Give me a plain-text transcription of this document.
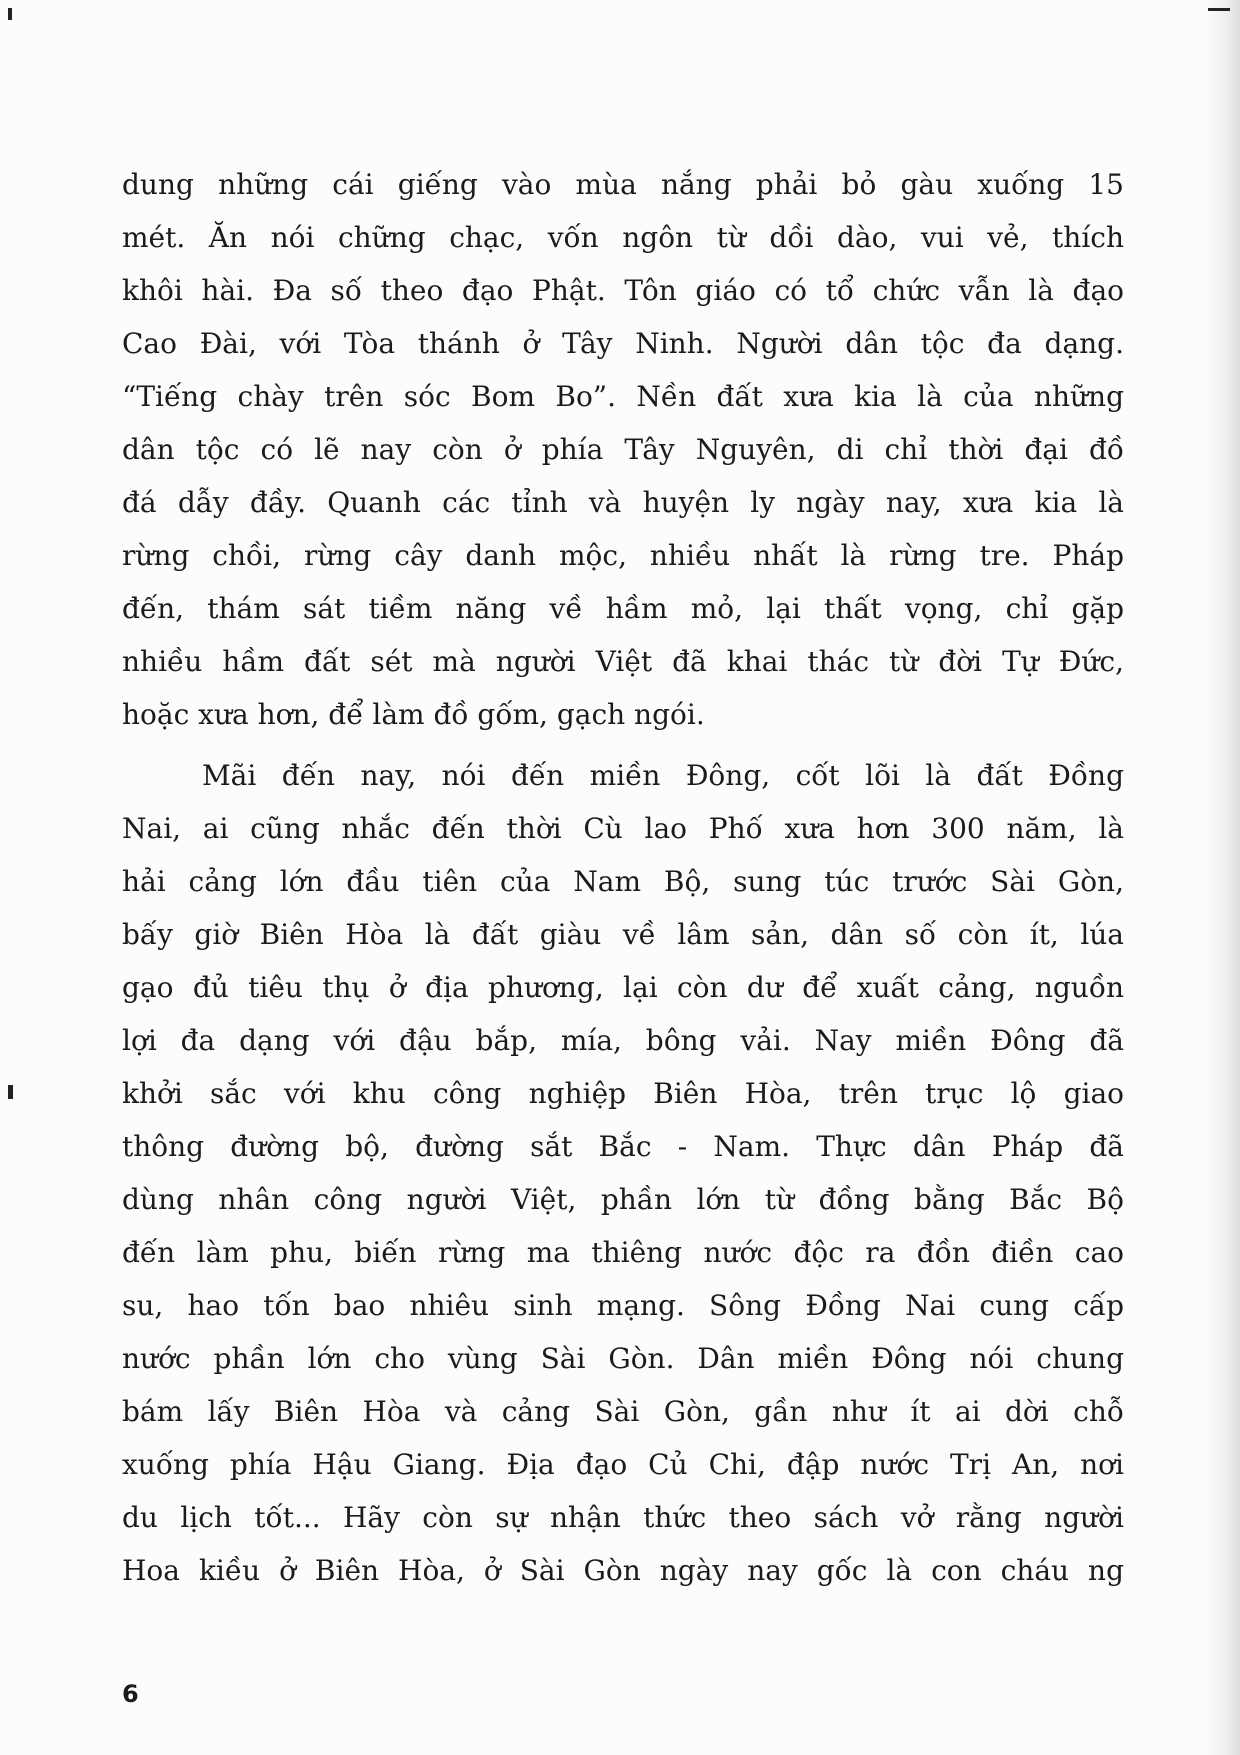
dung những cái giếng vào mùa nắng phải bỏ gàu xuống 15
mét. Ăn nói chững chạc, vốn ngôn từ dồi dào, vui vẻ, thích
khôi hài. Đa số theo đạo Phật. Tôn giáo có tổ chức vẫn là đạo
Cao Đài, với Tòa thánh ở Tây Ninh. Người dân tộc đa dạng.
“Tiếng chày trên sóc Bom Bo”. Nền đất xưa kia là của những
dân tộc có lẽ nay còn ở phía Tây Nguyên, di chỉ thời đại đồ
đá dẫy đầy. Quanh các tỉnh và huyện ly ngày nay, xưa kia là
rừng chồi, rừng cây danh mộc, nhiều nhất là rừng tre. Pháp
đến, thám sát tiềm năng về hầm mỏ, lại thất vọng, chỉ gặp
nhiều hầm đất sét mà người Việt đã khai thác từ đời Tự Đức,
hoặc xưa hơn, để làm đồ gốm, gạch ngói.

Mãi đến nay, nói đến miền Đông, cốt lõi là đất Đồng
Nai, ai cũng nhắc đến thời Cù lao Phố xưa hơn 300 năm, là
hải cảng lớn đầu tiên của Nam Bộ, sung túc trước Sài Gòn,
bấy giờ Biên Hòa là đất giàu về lâm sản, dân số còn ít, lúa
gạo đủ tiêu thụ ở địa phương, lại còn dư để xuất cảng, nguồn
lợi đa dạng với đậu bắp, mía, bông vải. Nay miền Đông đã
khởi sắc với khu công nghiệp Biên Hòa, trên trục lộ giao
thông đường bộ, đường sắt Bắc - Nam. Thực dân Pháp đã
dùng nhân công người Việt, phần lớn từ đồng bằng Bắc Bộ
đến làm phu, biến rừng ma thiêng nước độc ra đồn điền cao
su, hao tốn bao nhiêu sinh mạng. Sông Đồng Nai cung cấp
nước phần lớn cho vùng Sài Gòn. Dân miền Đông nói chung
bám lấy Biên Hòa và cảng Sài Gòn, gần như ít ai dời chỗ
xuống phía Hậu Giang. Địa đạo Củ Chi, đập nước Trị An, nơi
du lịch tốt... Hãy còn sự nhận thức theo sách vở rằng người
Hoa kiều ở Biên Hòa, ở Sài Gòn ngày nay gốc là con cháu ng

6
